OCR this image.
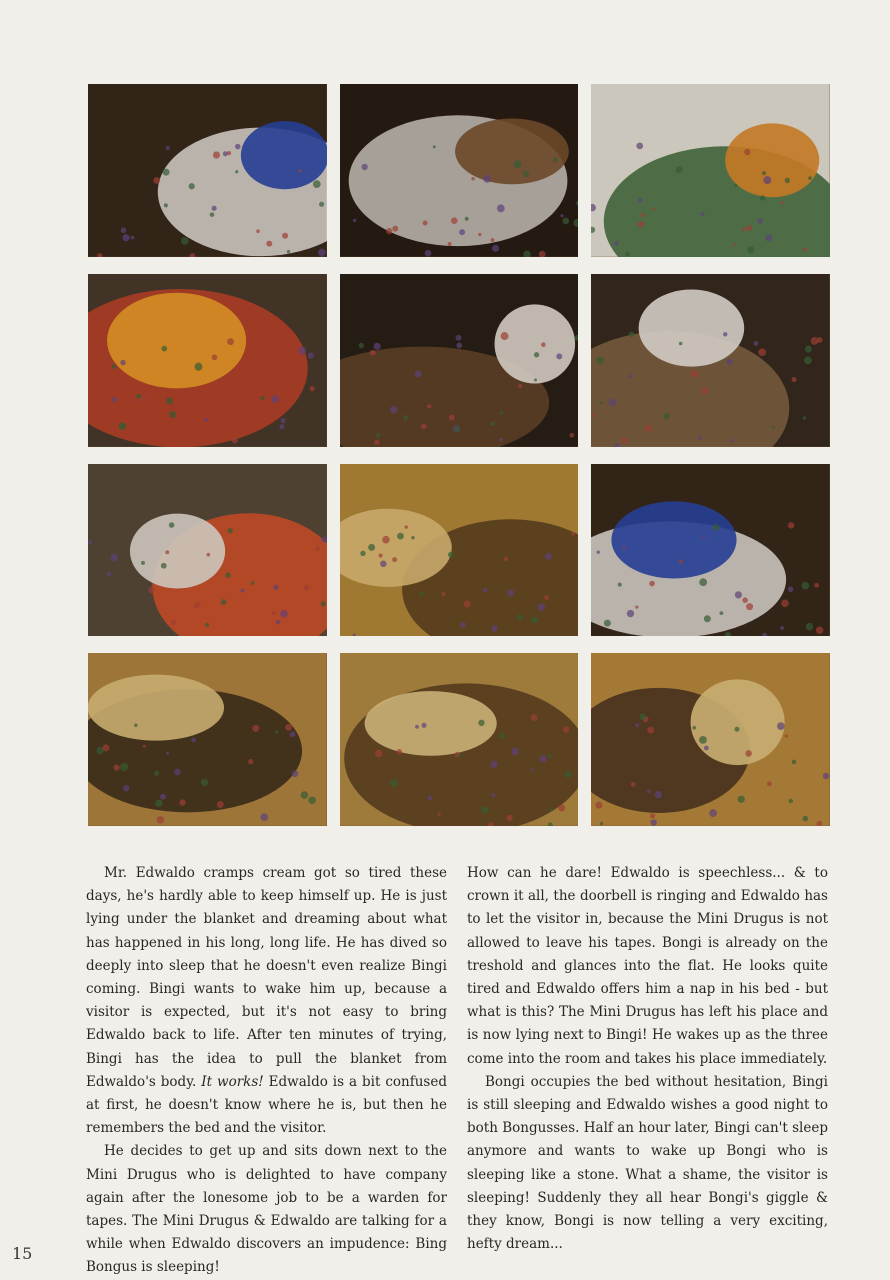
Mr. Edwaldo cramps cream got so tired these days, he's hardly able to keep himself up. He is just lying under the blanket and dreaming about what has happened in his long, long life. He has dived so deeply into sleep that he doesn't even realize Bingi coming. Bingi wants to wake him up, because a visitor is expected, but it's not easy to bring Edwaldo back to life. After ten minutes of trying, Bingi has the idea to pull the blanket from Edwaldo's body. It works! Edwaldo is a bit confused at first, he doesn't know where he is, but then he remembers the bed and the visitor.

He decides to get up and sits down next to the Mini Drugus who is delighted to have company again after the lonesome job to be a warden for tapes. The Mini Drugus & Edwaldo are talking for a while when Edwaldo discovers an impudence: Bing Bongus is sleeping!

How can he dare! Edwaldo is speechless... & to crown it all, the doorbell is ringing and Edwaldo has to let the visitor in, because the Mini Drugus is not allowed to leave his tapes. Bongi is already on the treshold and glances into the flat. He looks quite tired and Edwaldo offers him a nap in his bed - but what is this? The Mini Drugus has left his place and is now lying next to Bingi! He wakes up as the three come into the room and takes his place immediately.

Bongi occupies the bed without hesitation, Bingi is still sleeping and Edwaldo wishes a good night to both Bongusses. Half an hour later, Bingi can't sleep anymore and wants to wake up Bongi who is sleeping like a stone. What a shame, the visitor is sleeping! Suddenly they all hear Bongi's giggle & they know, Bongi is now telling a very exciting, hefty dream...

15
